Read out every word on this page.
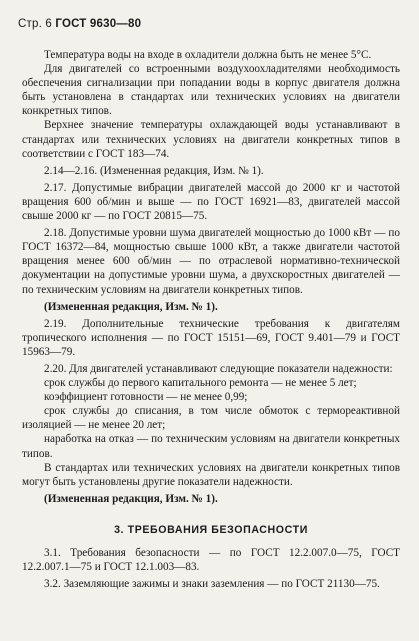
Стр. 6 ГОСТ 9630—80

Температура воды на входе в охладители должна быть не менее 5°С.

Для двигателей со встроенными воздухоохладителями необходимость обеспечения сигнализации при попадании воды в корпус двигателя должна быть установлена в стандартах или технических условиях на двигатели конкретных типов.

Верхнее значение температуры охлаждающей воды устанавливают в стандартах или технических условиях на двигатели конкретных типов в соответствии с ГОСТ 183—74.

2.14—2.16. (Измененная редакция, Изм. № 1).

2.17. Допустимые вибрации двигателей массой до 2000 кг и частотой вращения 600 об/мин и выше — по ГОСТ 16921—83, двигателей массой свыше 2000 кг — по ГОСТ 20815—75.

2.18. Допустимые уровни шума двигателей мощностью до 1000 кВт — по ГОСТ 16372—84, мощностью свыше 1000 кВт, а также двигатели частотой вращения менее 600 об/мин — по отраслевой нормативно-технической документации на допустимые уровни шума, а двухскоростных двигателей — по техническим условиям на двигатели конкретных типов.

(Измененная редакция, Изм. № 1).

2.19. Дополнительные технические требования к двигателям тропического исполнения — по ГОСТ 15151—69, ГОСТ 9.401—79 и ГОСТ 15963—79.

2.20. Для двигателей устанавливают следующие показатели надежности:

срок службы до первого капитального ремонта — не менее 5 лет;

коэффициент готовности — не менее 0,99;

срок службы до списания, в том числе обмоток с термореактивной изоляцией — не менее 20 лет;

наработка на отказ — по техническим условиям на двигатели конкретных типов.

В стандартах или технических условиях на двигатели конкретных типов могут быть установлены другие показатели надежности.

(Измененная редакция, Изм. № 1).

3. ТРЕБОВАНИЯ БЕЗОПАСНОСТИ

3.1. Требования безопасности — по ГОСТ 12.2.007.0—75, ГОСТ 12.2.007.1—75 и ГОСТ 12.1.003—83.

3.2. Заземляющие зажимы и знаки заземления — по ГОСТ 21130—75.
